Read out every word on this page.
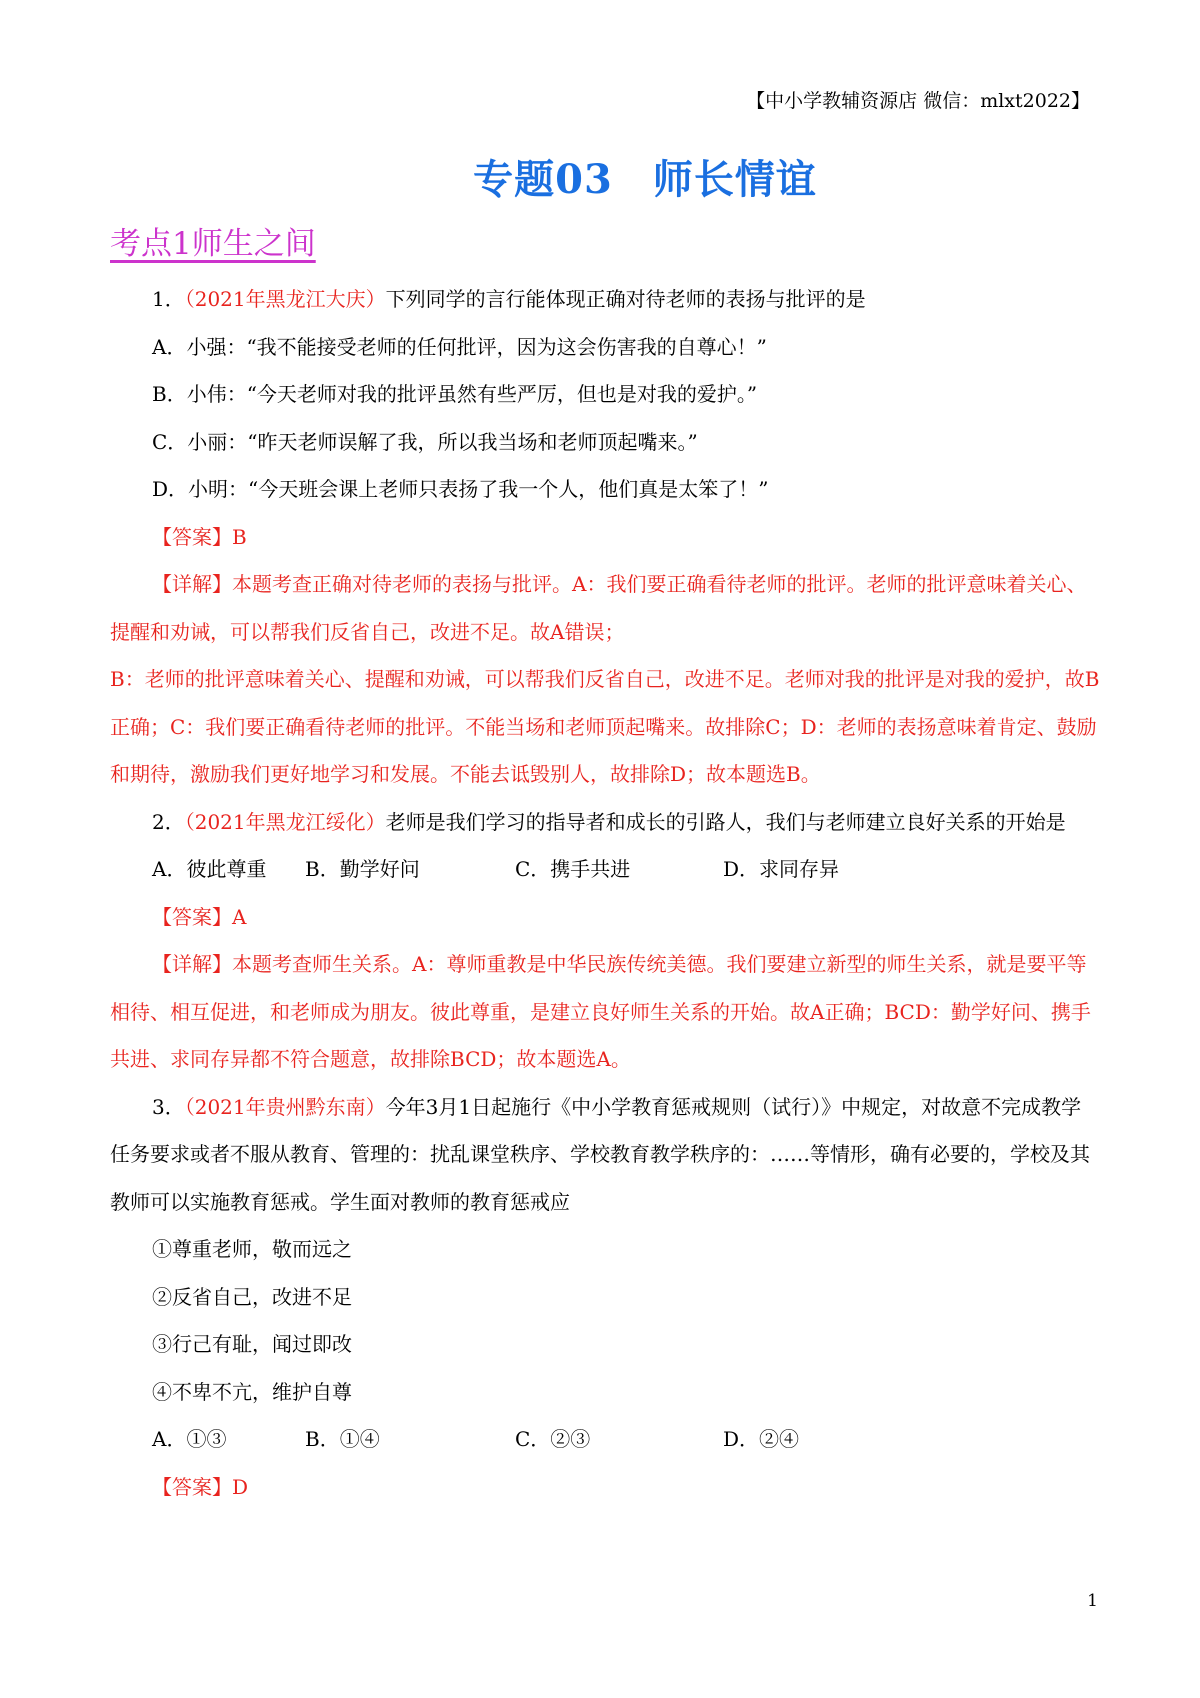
【中小学教辅资源店 微信：mlxt2022】
专题03 师长情谊
考点1师生之间

1．（2021年黑龙江大庆）下列同学的言行能体现正确对待老师的表扬与批评的是

A．小强：“我不能接受老师的任何批评，因为这会伤害我的自尊心！”

B．小伟：“今天老师对我的批评虽然有些严厉，但也是对我的爱护。”

C．小丽：“昨天老师误解了我，所以我当场和老师顶起嘴来。”

D．小明：“今天班会课上老师只表扬了我一个人，他们真是太笨了！”

【答案】B

【详解】本题考查正确对待老师的表扬与批评。A：我们要正确看待老师的批评。老师的批评意味着关心、提醒和劝诫，可以帮我们反省自己，改进不足。故A错误；

B：老师的批评意味着关心、提醒和劝诫，可以帮我们反省自己，改进不足。老师对我的批评是对我的爱护，故B正确；C：我们要正确看待老师的批评。不能当场和老师顶起嘴来。故排除C；D：老师的表扬意味着肯定、鼓励和期待，激励我们更好地学习和发展。不能去诋毁别人，故排除D；故本题选B。

2．（2021年黑龙江绥化）老师是我们学习的指导者和成长的引路人，我们与老师建立良好关系的开始是

A．彼此尊重	B．勤学好问	C．携手共进	D．求同存异

【答案】A

【详解】本题考查师生关系。A：尊师重教是中华民族传统美德。我们要建立新型的师生关系，就是要平等相待、相互促进，和老师成为朋友。彼此尊重，是建立良好师生关系的开始。故A正确；BCD：勤学好问、携手共进、求同存异都不符合题意，故排除BCD；故本题选A。

3．（2021年贵州黔东南）今年3月1日起施行《中小学教育惩戒规则（试行）》中规定，对故意不完成教学任务要求或者不服从教育、管理的：扰乱课堂秩序、学校教育教学秩序的：……等情形，确有必要的，学校及其教师可以实施教育惩戒。学生面对教师的教育惩戒应

①尊重老师，敬而远之

②反省自己，改进不足

③行己有耻，闻过即改

④不卑不亢，维护自尊

A．①③	B．①④	C．②③	D．②④

【答案】D

1
